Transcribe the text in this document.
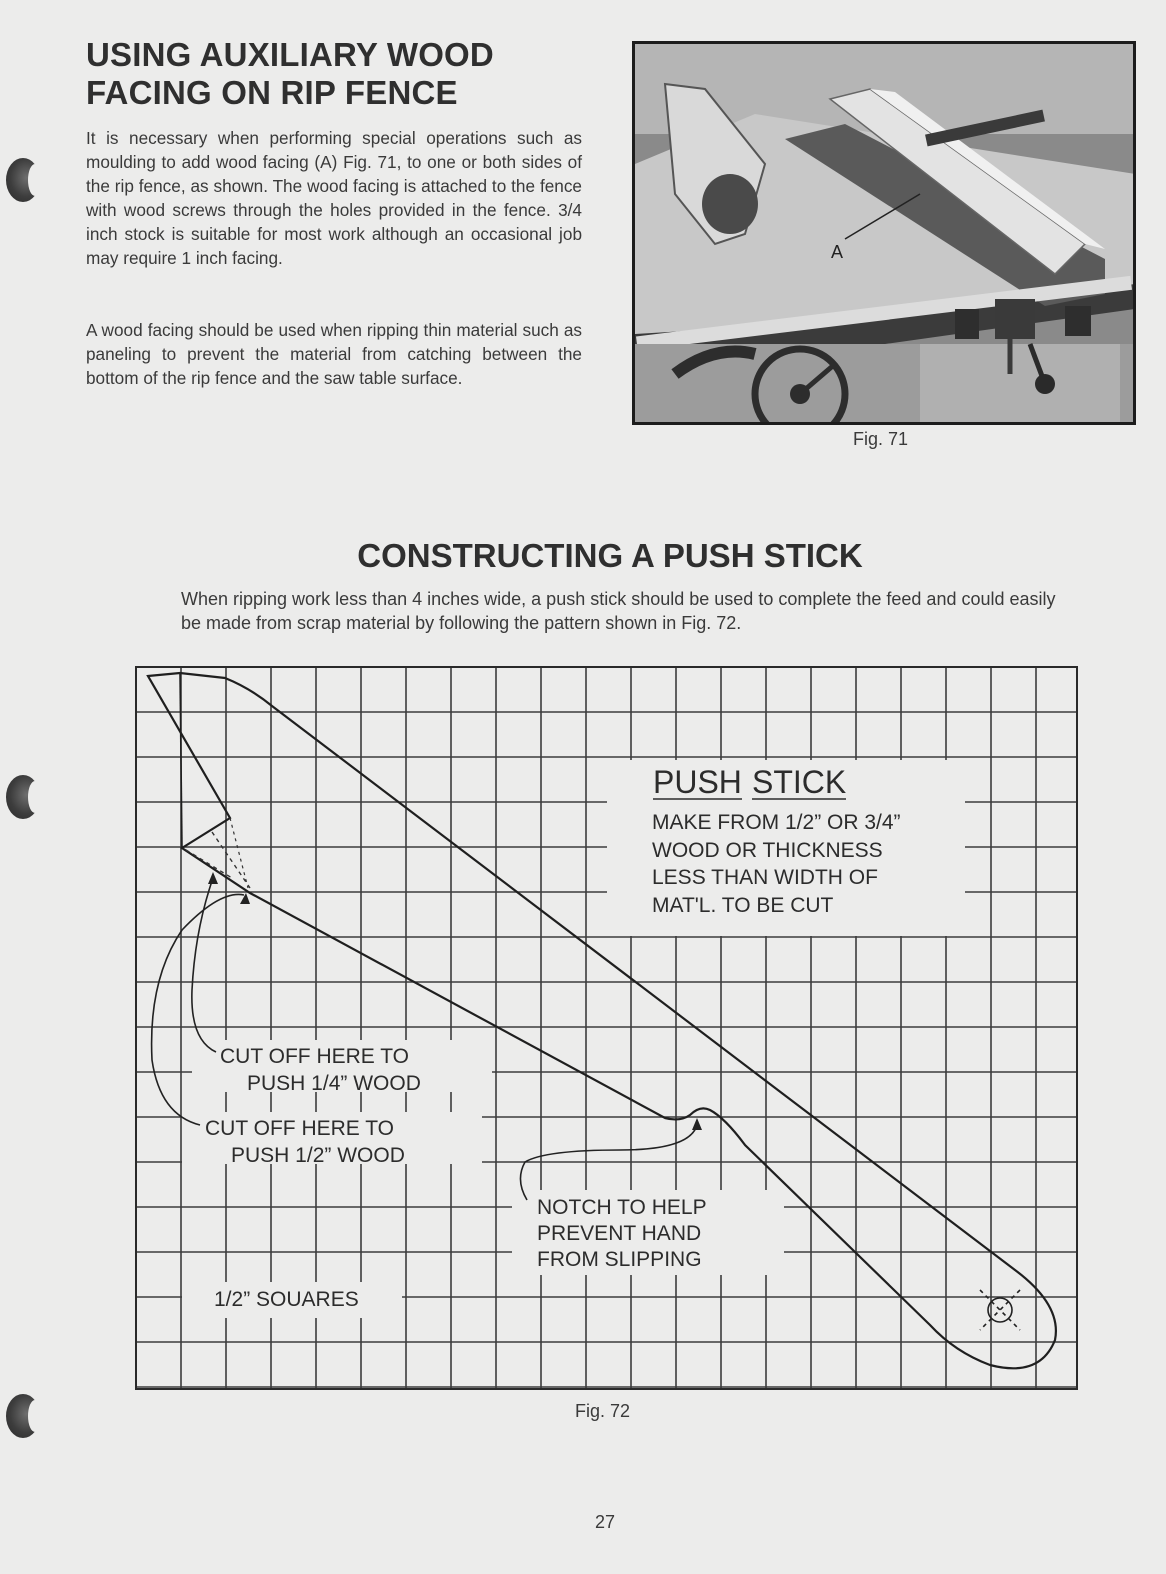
USING AUXILIARY WOOD
FACING ON RIP FENCE

It is necessary when performing special operations such as moulding to add wood facing (A) Fig. 71, to one or both sides of the rip fence, as shown. The wood facing is attached to the fence with wood screws through the holes provided in the fence. 3/4 inch stock is suitable for most work although an occasional job may require 1 inch facing.

A wood facing should be used when ripping thin material such as paneling to prevent the material from catching between the bottom of the rip fence and the saw table surface.

A

Fig. 71

CONSTRUCTING A PUSH STICK

When ripping work less than 4 inches wide, a push stick should be used to complete the feed and could easily be made from scrap material by following the pattern shown in Fig. 72.

PUSH STICK
MAKE FROM 1/2” OR 3/4”
WOOD OR THICKNESS
LESS THAN WIDTH OF
MAT'L. TO BE CUT
CUT OFF HERE TO
PUSH 1/4” WOOD
CUT OFF HERE TO
PUSH 1/2” WOOD
NOTCH TO HELP
PREVENT HAND
FROM SLIPPING
1/2” SOUARES

Fig. 72

27
